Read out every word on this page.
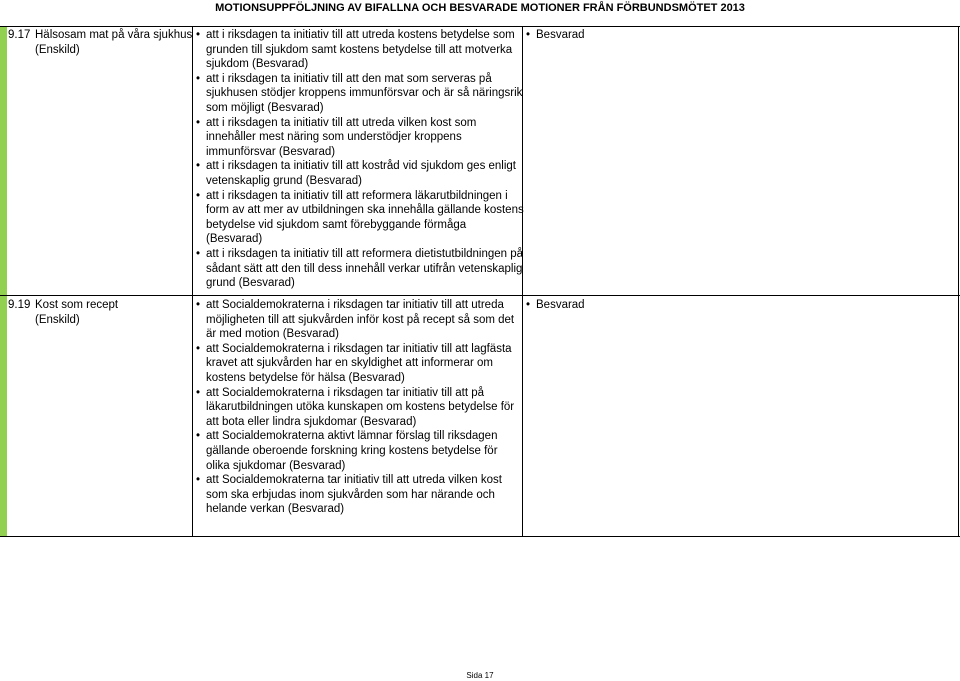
MOTIONSUPPFÖLJNING AV BIFALLNA OCH BESVARADE MOTIONER FRÅN FÖRBUNDSMÖTET 2013
9.17 Hälsosam mat på våra sjukhus
(Enskild)
• att i riksdagen ta initiativ till att utreda kostens betydelse som grunden till sjukdom samt kostens betydelse till att motverka sjukdom (Besvarad)
• att i riksdagen ta initiativ till att den mat som serveras på sjukhusen stödjer kroppens immunförsvar och är så näringsrik som möjligt (Besvarad)
• att i riksdagen ta initiativ till att utreda vilken kost som innehåller mest näring som understödjer kroppens immunförsvar (Besvarad)
• att i riksdagen ta initiativ till att kostråd vid sjukdom ges enligt vetenskaplig grund (Besvarad)
• att i riksdagen ta initiativ till att reformera läkarutbildningen i form av att mer av utbildningen ska innehålla gällande kostens betydelse vid sjukdom samt förebyggande förmåga (Besvarad)
• att i riksdagen ta initiativ till att reformera dietistutbildningen på sådant sätt att den till dess innehåll verkar utifrån vetenskaplig grund (Besvarad)
• Besvarad
9.19 Kost som recept
(Enskild)
• att Socialdemokraterna i riksdagen tar initiativ till att utreda möjligheten till att sjukvården inför kost på recept så som det är med motion (Besvarad)
• att Socialdemokraterna i riksdagen tar initiativ till att lagfästa kravet att sjukvården har en skyldighet att informerar om kostens betydelse för hälsa (Besvarad)
• att Socialdemokraterna i riksdagen tar initiativ till att på läkarutbildningen utöka kunskapen om kostens betydelse för att bota eller lindra sjukdomar (Besvarad)
• att Socialdemokraterna aktivt lämnar förslag till riksdagen gällande oberoende forskning kring kostens betydelse för olika sjukdomar (Besvarad)
• att Socialdemokraterna tar initiativ till att utreda vilken kost som ska erbjudas inom sjukvården som har närande och helande verkan (Besvarad)
• Besvarad
Sida 17
